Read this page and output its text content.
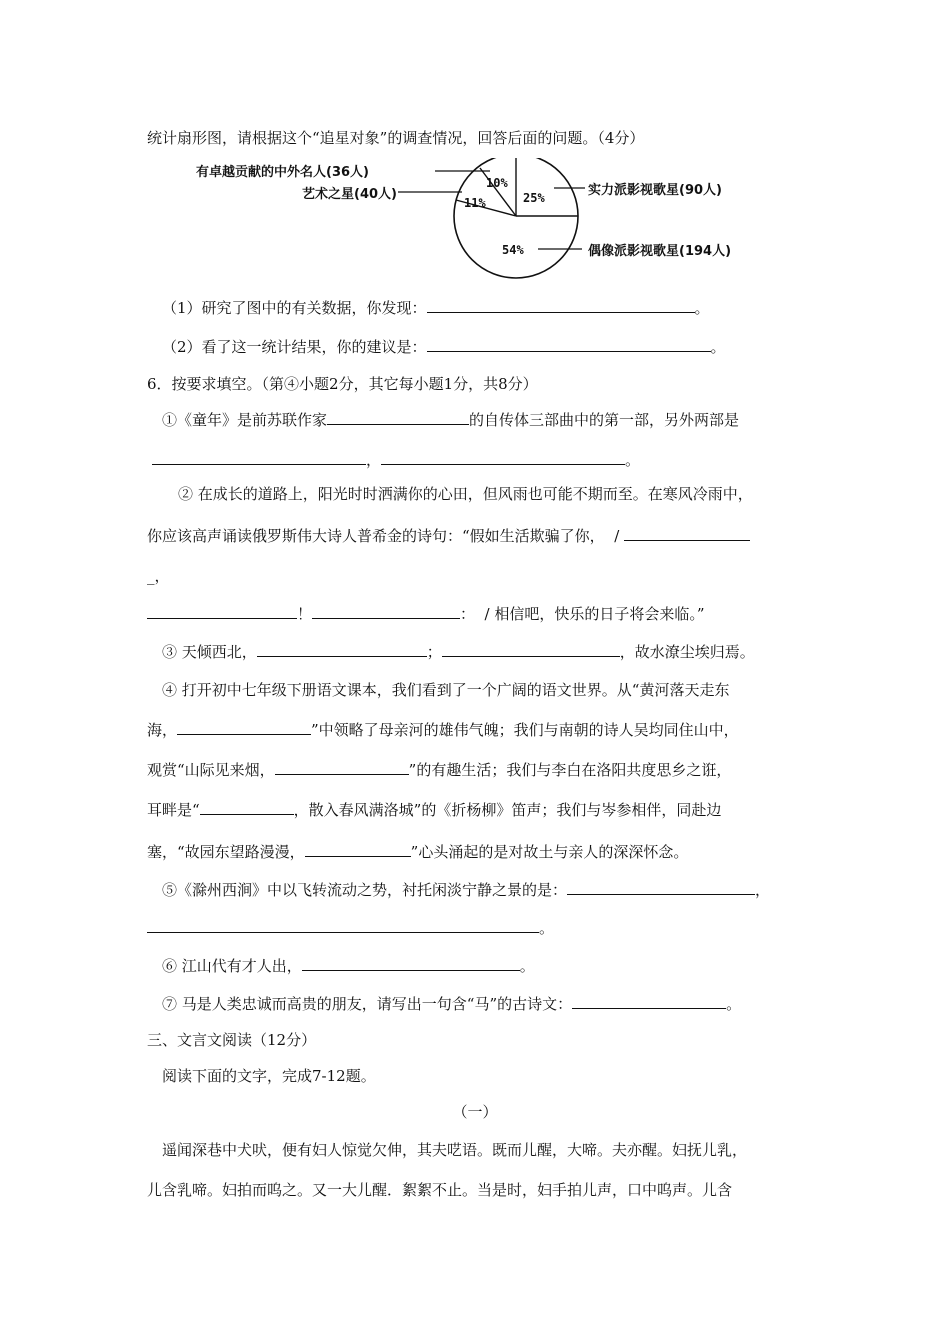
统计扇形图，请根据这个“追星对象”的调查情况，回答后面的问题。（4分）
10%
11%	25%
54%
有卓越贡献的中外名人(36人)
艺术之星(40人)	实力派影视歌星(90人)
偶像派影视歌星(194人)
（1）研究了图中的有关数据，你发现：	。
（2）看了这一统计结果，你的建议是：	。
6．按要求填空。（第④小题2分，其它每小题1分，共8分）
①《童年》是前苏联作家	的自传体三部曲中的第一部，另外两部是
，	。
② 在成长的道路上，阳光时时洒满你的心田，但风雨也可能不期而至。在寒风冷雨中，
你应该高声诵读俄罗斯伟大诗人普希金的诗句：“假如生活欺骗了你，  /
_，
！	：  / 相信吧，快乐的日子将会来临。”
③ 天倾西北，	；	，故水潦尘埃归焉。
④ 打开初中七年级下册语文课本，我们看到了一个广阔的语文世界。从“黄河落天走东
海，	”中领略了母亲河的雄伟气魄；我们与南朝的诗人吴均同住山中，
观赏“山际见来烟，	”的有趣生活；我们与李白在洛阳共度思乡之诳，
耳畔是“	，散入春风满洛城”的《折杨柳》笛声；我们与岑参相伴，同赴边
塞，“故园东望路漫漫，	”心头涌起的是对故土与亲人的深深怀念。
⑤《滁州西涧》中以飞转流动之势，衬托闲淡宁静之景的是：	，
。
⑥ 江山代有才人出，	。
⑦ 马是人类忠诚而高贵的朋友，请写出一句含“马”的古诗文：	。
三、文言文阅读（12分）
阅读下面的文字，完成7-12题。
（一）
遥闻深巷中犬吠，便有妇人惊觉欠伸，其夫呓语。既而儿醒，大啼。夫亦醒。妇抚儿乳，
儿含乳啼。妇拍而呜之。又一大儿醒．絮絮不止。当是时，妇手拍儿声，口中呜声。儿含
